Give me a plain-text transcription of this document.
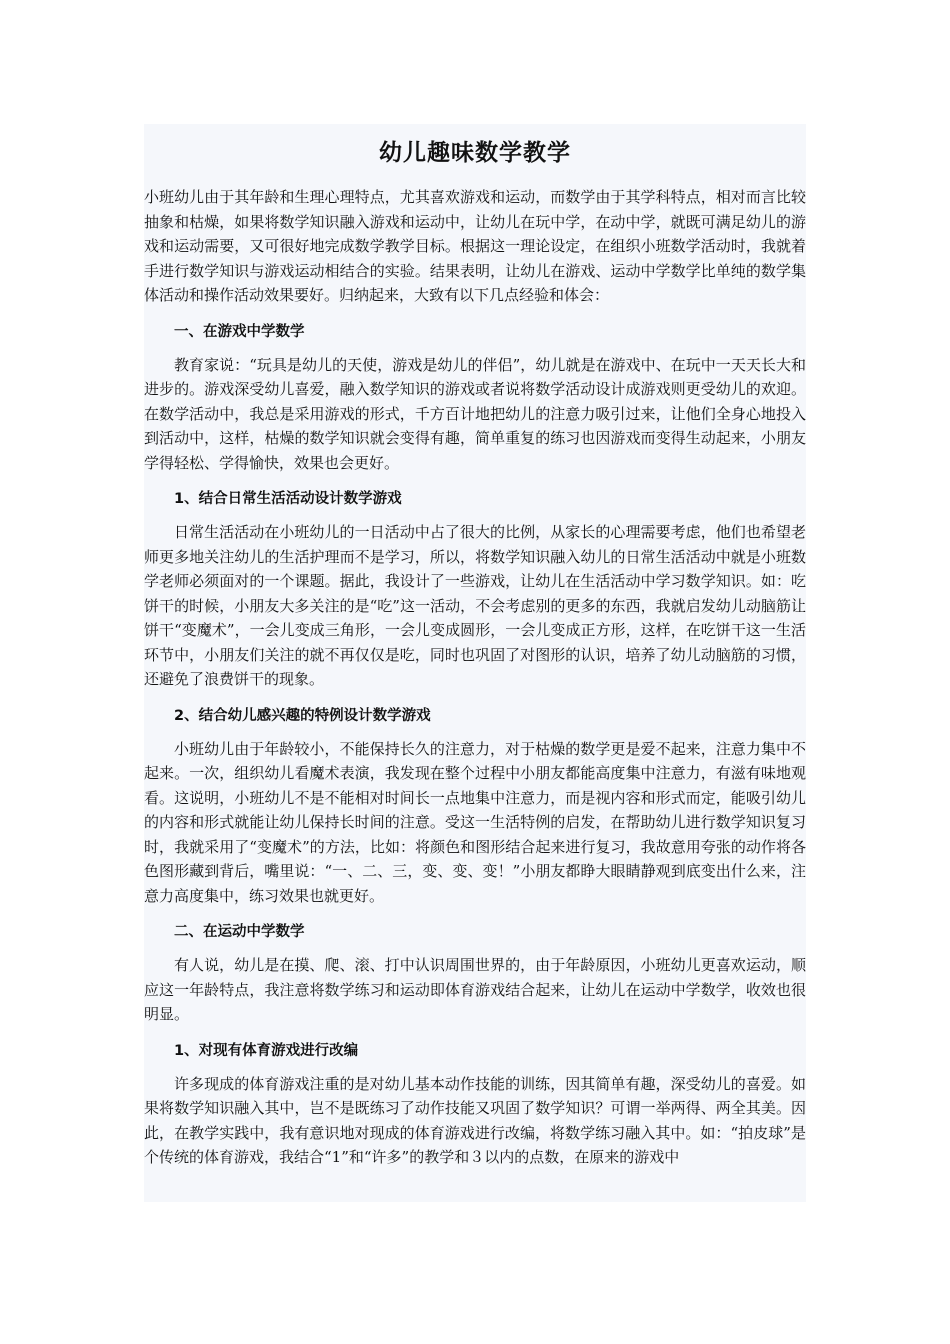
幼儿趣味数学教学

小班幼儿由于其年龄和生理心理特点，尤其喜欢游戏和运动，而数学由于其学科特点，相对而言比较抽象和枯燥，如果将数学知识融入游戏和运动中，让幼儿在玩中学，在动中学，就既可满足幼儿的游戏和运动需要，又可很好地完成数学教学目标。根据这一理论设定，在组织小班数学活动时，我就着手进行数学知识与游戏运动相结合的实验。结果表明，让幼儿在游戏、运动中学数学比单纯的数学集体活动和操作活动效果要好。归纳起来，大致有以下几点经验和体会：

一、在游戏中学数学

教育家说：“玩具是幼儿的天使，游戏是幼儿的伴侣”，幼儿就是在游戏中、在玩中一天天长大和进步的。游戏深受幼儿喜爱，融入数学知识的游戏或者说将数学活动设计成游戏则更受幼儿的欢迎。在数学活动中，我总是采用游戏的形式，千方百计地把幼儿的注意力吸引过来，让他们全身心地投入到活动中，这样，枯燥的数学知识就会变得有趣，简单重复的练习也因游戏而变得生动起来，小朋友学得轻松、学得愉快，效果也会更好。

1、结合日常生活活动设计数学游戏

日常生活活动在小班幼儿的一日活动中占了很大的比例，从家长的心理需要考虑，他们也希望老师更多地关注幼儿的生活护理而不是学习，所以，将数学知识融入幼儿的日常生活活动中就是小班数学老师必须面对的一个课题。据此，我设计了一些游戏，让幼儿在生活活动中学习数学知识。如：吃饼干的时候，小朋友大多关注的是“吃”这一活动，不会考虑别的更多的东西，我就启发幼儿动脑筋让饼干“变魔术”，一会儿变成三角形，一会儿变成圆形，一会儿变成正方形，这样，在吃饼干这一生活环节中，小朋友们关注的就不再仅仅是吃，同时也巩固了对图形的认识，培养了幼儿动脑筋的习惯，还避免了浪费饼干的现象。

2、结合幼儿感兴趣的特例设计数学游戏

小班幼儿由于年龄较小，不能保持长久的注意力，对于枯燥的数学更是爱不起来，注意力集中不起来。一次，组织幼儿看魔术表演，我发现在整个过程中小朋友都能高度集中注意力，有滋有味地观看。这说明，小班幼儿不是不能相对时间长一点地集中注意力，而是视内容和形式而定，能吸引幼儿的内容和形式就能让幼儿保持长时间的注意。受这一生活特例的启发，在帮助幼儿进行数学知识复习时，我就采用了“变魔术”的方法，比如：将颜色和图形结合起来进行复习，我故意用夸张的动作将各色图形藏到背后，嘴里说：“一、二、三，变、变、变！”小朋友都睁大眼睛静观到底变出什么来，注意力高度集中，练习效果也就更好。

二、在运动中学数学

有人说，幼儿是在摸、爬、滚、打中认识周围世界的，由于年龄原因，小班幼儿更喜欢运动，顺应这一年龄特点，我注意将数学练习和运动即体育游戏结合起来，让幼儿在运动中学数学，收效也很明显。

1、对现有体育游戏进行改编

许多现成的体育游戏注重的是对幼儿基本动作技能的训练，因其简单有趣，深受幼儿的喜爱。如果将数学知识融入其中，岂不是既练习了动作技能又巩固了数学知识？可谓一举两得、两全其美。因此，在教学实践中，我有意识地对现成的体育游戏进行改编，将数学练习融入其中。如：“拍皮球”是个传统的体育游戏，我结合“1”和“许多”的教学和３以内的点数，在原来的游戏中
